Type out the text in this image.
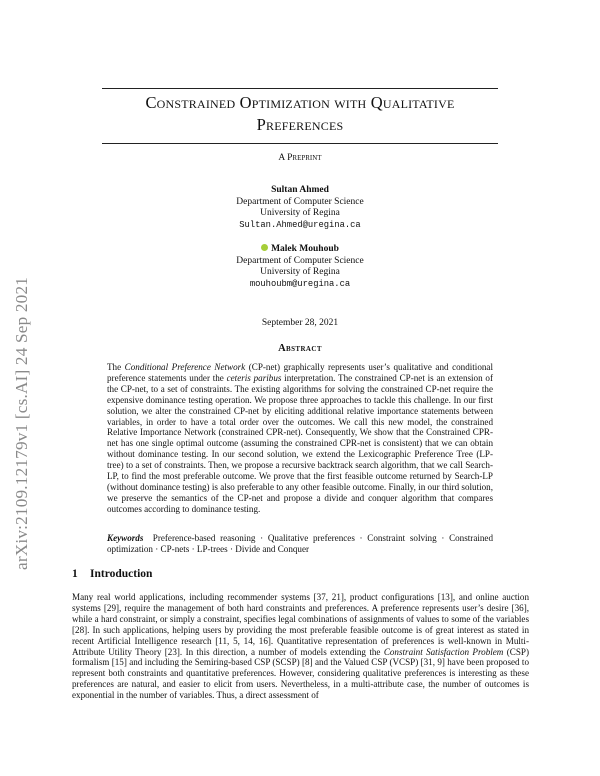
arXiv:2109.12179v1 [cs.AI] 24 Sep 2021
Constrained Optimization with Qualitative
Preferences
A Preprint
Sultan Ahmed
Department of Computer Science
University of Regina
Sultan.Ahmed@uregina.ca
Malek Mouhoub
Department of Computer Science
University of Regina
mouhoubm@uregina.ca
September 28, 2021
Abstract

The Conditional Preference Network (CP-net) graphically represents user’s qualitative and conditional preference statements under the ceteris paribus interpretation. The constrained CP-net is an extension of the CP-net, to a set of constraints. The existing algorithms for solving the constrained CP-net require the expensive dominance testing operation. We propose three approaches to tackle this challenge. In our first solution, we alter the constrained CP-net by eliciting additional relative importance statements between variables, in order to have a total order over the outcomes. We call this new model, the constrained Relative Importance Network (constrained CPR-net). Consequently, We show that the Constrained CPR-net has one single optimal outcome (assuming the constrained CPR-net is consistent) that we can obtain without dominance testing. In our second solution, we extend the Lexicographic Preference Tree (LP-tree) to a set of constraints. Then, we propose a recursive backtrack search algorithm, that we call Search-LP, to find the most preferable outcome. We prove that the first feasible outcome returned by Search-LP (without dominance testing) is also preferable to any other feasible outcome. Finally, in our third solution, we preserve the semantics of the CP-net and propose a divide and conquer algorithm that compares outcomes according to dominance testing.

Keywords Preference-based reasoning · Qualitative preferences · Constraint solving · Constrained optimization · CP-nets · LP-trees · Divide and Conquer
1 Introduction

Many real world applications, including recommender systems [37, 21], product configurations [13], and online auction systems [29], require the management of both hard constraints and preferences. A preference represents user’s desire [36], while a hard constraint, or simply a constraint, specifies legal combinations of assignments of values to some of the variables [28]. In such applications, helping users by providing the most preferable feasible outcome is of great interest as stated in recent Artificial Intelligence research [11, 5, 14, 16]. Quantitative representation of preferences is well-known in Multi-Attribute Utility Theory [23]. In this direction, a number of models extending the Constraint Satisfaction Problem (CSP) formalism [15] and including the Semiring-based CSP (SCSP) [8] and the Valued CSP (VCSP) [31, 9] have been proposed to represent both constraints and quantitative preferences. However, considering qualitative preferences is interesting as these preferences are natural, and easier to elicit from users. Nevertheless, in a multi-attribute case, the number of outcomes is exponential in the number of variables. Thus, a direct assessment of
